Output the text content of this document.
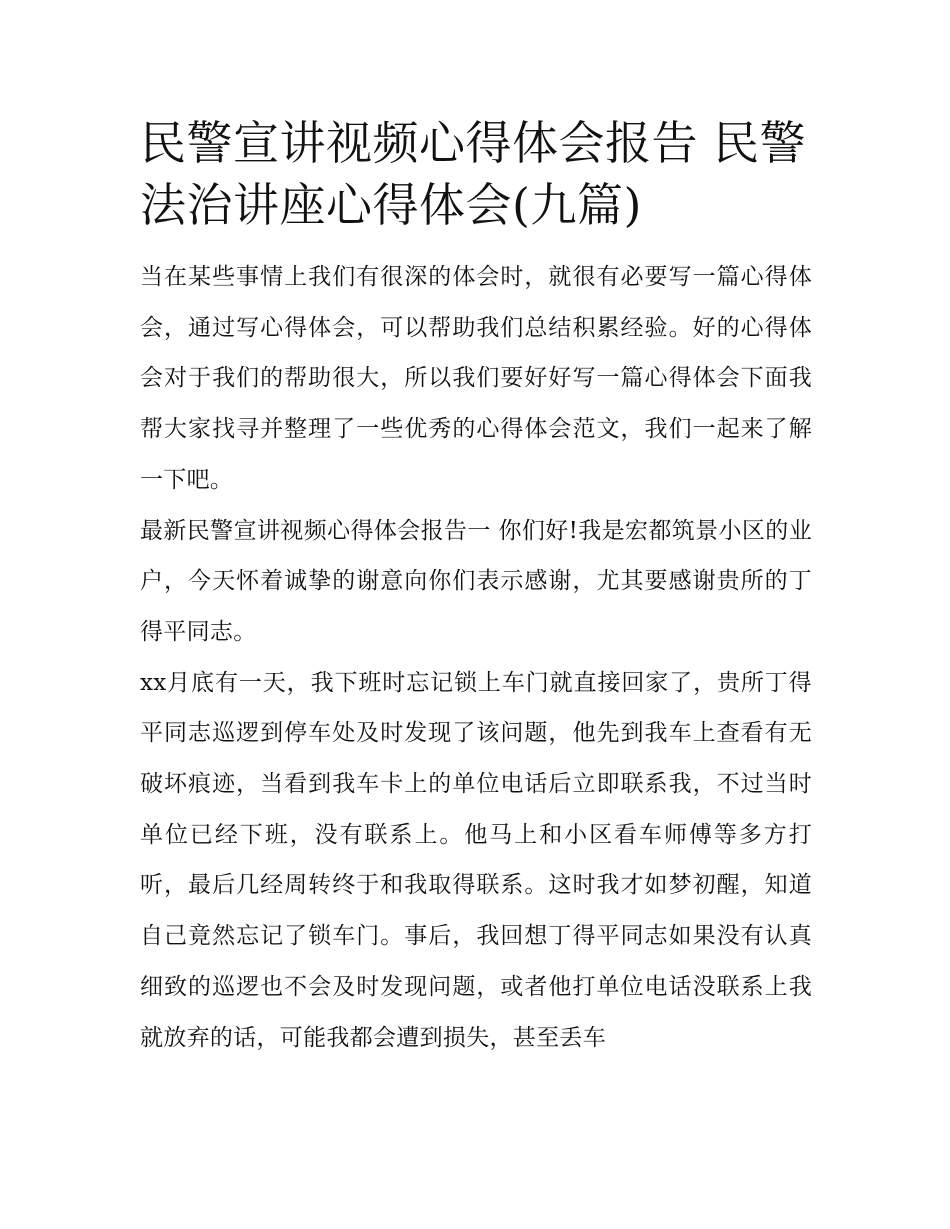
民警宣讲视频心得体会报告 民警法治讲座心得体会(九篇)

当在某些事情上我们有很深的体会时，就很有必要写一篇心得体会，通过写心得体会，可以帮助我们总结积累经验。好的心得体会对于我们的帮助很大，所以我们要好好写一篇心得体会下面我帮大家找寻并整理了一些优秀的心得体会范文，我们一起来了解一下吧。

最新民警宣讲视频心得体会报告一 你们好!我是宏都筑景小区的业户，今天怀着诚挚的谢意向你们表示感谢，尤其要感谢贵所的丁得平同志。

xx月底有一天，我下班时忘记锁上车门就直接回家了，贵所丁得平同志巡逻到停车处及时发现了该问题，他先到我车上查看有无破坏痕迹，当看到我车卡上的单位电话后立即联系我，不过当时单位已经下班，没有联系上。他马上和小区看车师傅等多方打听，最后几经周转终于和我取得联系。这时我才如梦初醒，知道自己竟然忘记了锁车门。事后，我回想丁得平同志如果没有认真细致的巡逻也不会及时发现问题，或者他打单位电话没联系上我就放弃的话，可能我都会遭到损失，甚至丢车
